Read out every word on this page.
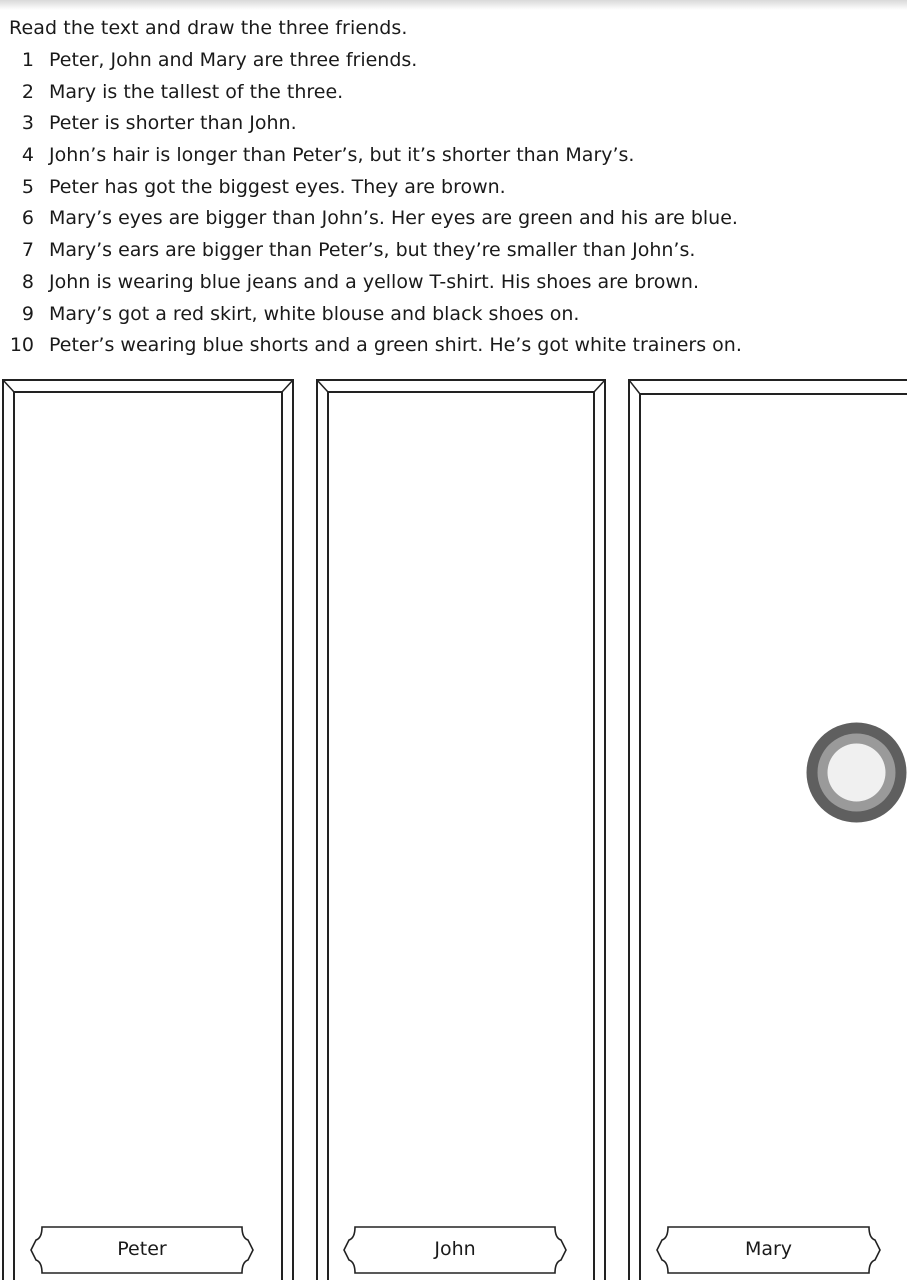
Read the text and draw the three friends.
1 Peter, John and Mary are three friends.
2 Mary is the tallest of the three.
3 Peter is shorter than John.
4 John’s hair is longer than Peter’s, but it’s shorter than Mary’s.
5 Peter has got the biggest eyes. They are brown.
6 Mary’s eyes are bigger than John’s. Her eyes are green and his are blue.
7 Mary’s ears are bigger than Peter’s, but they’re smaller than John’s.
8 John is wearing blue jeans and a yellow T-shirt. His shoes are brown.
9 Mary’s got a red skirt, white blouse and black shoes on.
10 Peter’s wearing blue shorts and a green shirt. He’s got white trainers on.
Peter	John	Mary
